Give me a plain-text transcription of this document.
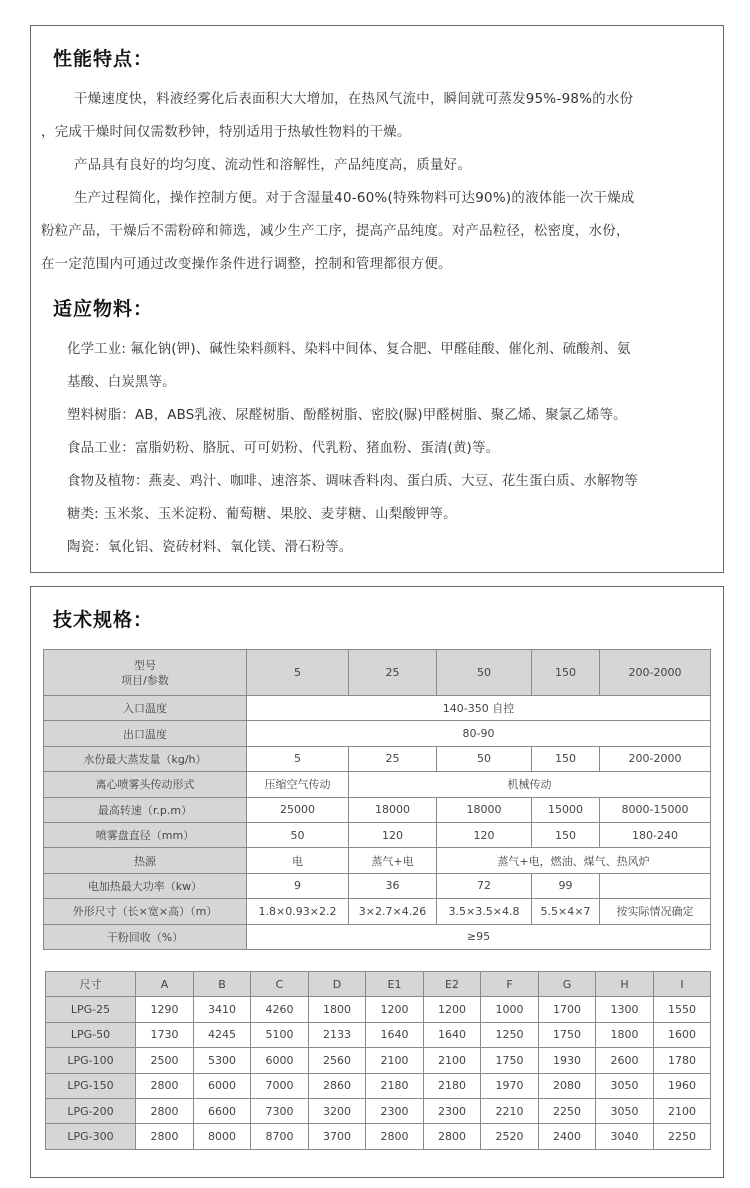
性能特点：
干燥速度快，料液经雾化后表面积大大增加，在热风气流中，瞬间就可蒸发95%-98%的水份
，完成干燥时间仅需数秒钟，特别适用于热敏性物料的干燥。
产品具有良好的均匀度、流动性和溶解性，产品纯度高，质量好。
生产过程简化，操作控制方便。对于含湿量40-60%(特殊物料可达90%)的液体能一次干燥成
粉粒产品，干燥后不需粉碎和筛选，减少生产工序，提高产品纯度。对产品粒径，松密度，水份，
在一定范围内可通过改变操作条件进行调整，控制和管理都很方便。
适应物料：
化学工业: 氟化钠(钾)、碱性染料颜料、染料中间体、复合肥、甲醛硅酸、催化剂、硫酸剂、氨
基酸、白炭黑等。
塑料树脂：AB，ABS乳液、尿醛树脂、酚醛树脂、密胶(脲)甲醛树脂、聚乙烯、聚氯乙烯等。
食品工业：富脂奶粉、胳朊、可可奶粉、代乳粉、猪血粉、蛋清(黄)等。
食物及植物：燕麦、鸡汁、咖啡、速溶茶、调味香料肉、蛋白质、大豆、花生蛋白质、水解物等
糖类: 玉米浆、玉米淀粉、葡萄糖、果胶、麦芽糖、山梨酸钾等。
陶瓷：氧化铝、瓷砖材料、氧化镁、滑石粉等。
技术规格：
型号
项目/参数	5	25	50	150	200-2000
入口温度	140-350 自控				
出口温度	80-90				
水份最大蒸发量（kg/h）	5	25	50	150	200-2000
离心喷雾头传动形式	压缩空气传动	机械传动			
最高转速（r.p.m）	25000	18000	18000	15000	8000-15000
喷雾盘直径（mm）	50	120	120	150	180-240
热源	电	蒸气+电	蒸气+电，燃油、煤气、热风炉		
电加热最大功率（kw）	9	36	72	99	
外形尺寸（长×宽×高）（m）	1.8×0.93×2.2	3×2.7×4.26	3.5×3.5×4.8	5.5×4×7	按实际情况确定
干粉回收（%）	≥95				
尺寸	A	B	C	D	E1	E2	F	G	H	I
LPG-25	1290	3410	4260	1800	1200	1200	1000	1700	1300	1550
LPG-50	1730	4245	5100	2133	1640	1640	1250	1750	1800	1600
LPG-100	2500	5300	6000	2560	2100	2100	1750	1930	2600	1780
LPG-150	2800	6000	7000	2860	2180	2180	1970	2080	3050	1960
LPG-200	2800	6600	7300	3200	2300	2300	2210	2250	3050	2100
LPG-300	2800	8000	8700	3700	2800	2800	2520	2400	3040	2250
